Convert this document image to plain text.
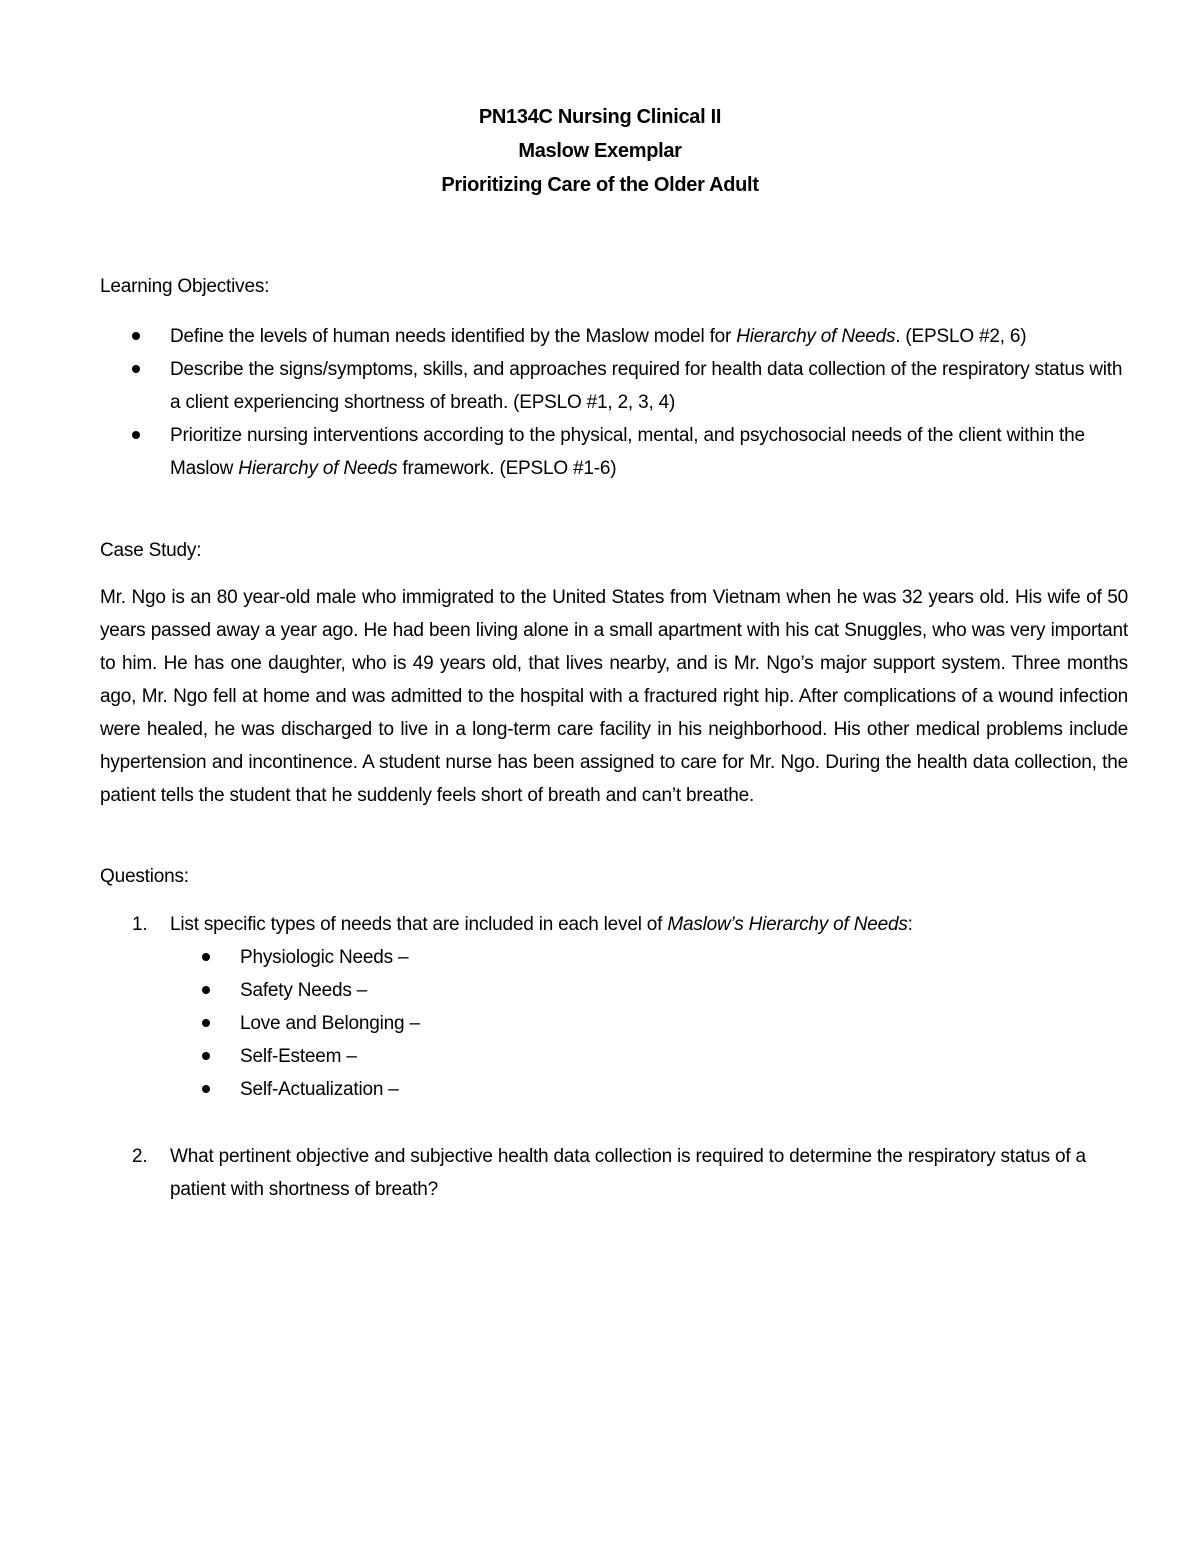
PN134C Nursing Clinical II
Maslow Exemplar
Prioritizing Care of the Older Adult
Learning Objectives:
Define the levels of human needs identified by the Maslow model for Hierarchy of Needs. (EPSLO #2, 6)
Describe the signs/symptoms, skills, and approaches required for health data collection of the respiratory status with a client experiencing shortness of breath. (EPSLO #1, 2, 3, 4)
Prioritize nursing interventions according to the physical, mental, and psychosocial needs of the client within the Maslow Hierarchy of Needs framework. (EPSLO #1-6)
Case Study:

Mr. Ngo is an 80 year-old male who immigrated to the United States from Vietnam when he was 32 years old. His wife of 50 years passed away a year ago. He had been living alone in a small apartment with his cat Snuggles, who was very important to him. He has one daughter, who is 49 years old, that lives nearby, and is Mr. Ngo’s major support system. Three months ago, Mr. Ngo fell at home and was admitted to the hospital with a fractured right hip. After complications of a wound infection were healed, he was discharged to live in a long-term care facility in his neighborhood. His other medical problems include hypertension and incontinence. A student nurse has been assigned to care for Mr. Ngo. During the health data collection, the patient tells the student that he suddenly feels short of breath and can’t breathe.

Questions:
1. List specific types of needs that are included in each level of Maslow’s Hierarchy of Needs:
Physiologic Needs –
Safety Needs –
Love and Belonging –
Self-Esteem –
Self-Actualization –
2. What pertinent objective and subjective health data collection is required to determine the respiratory status of a patient with shortness of breath?
